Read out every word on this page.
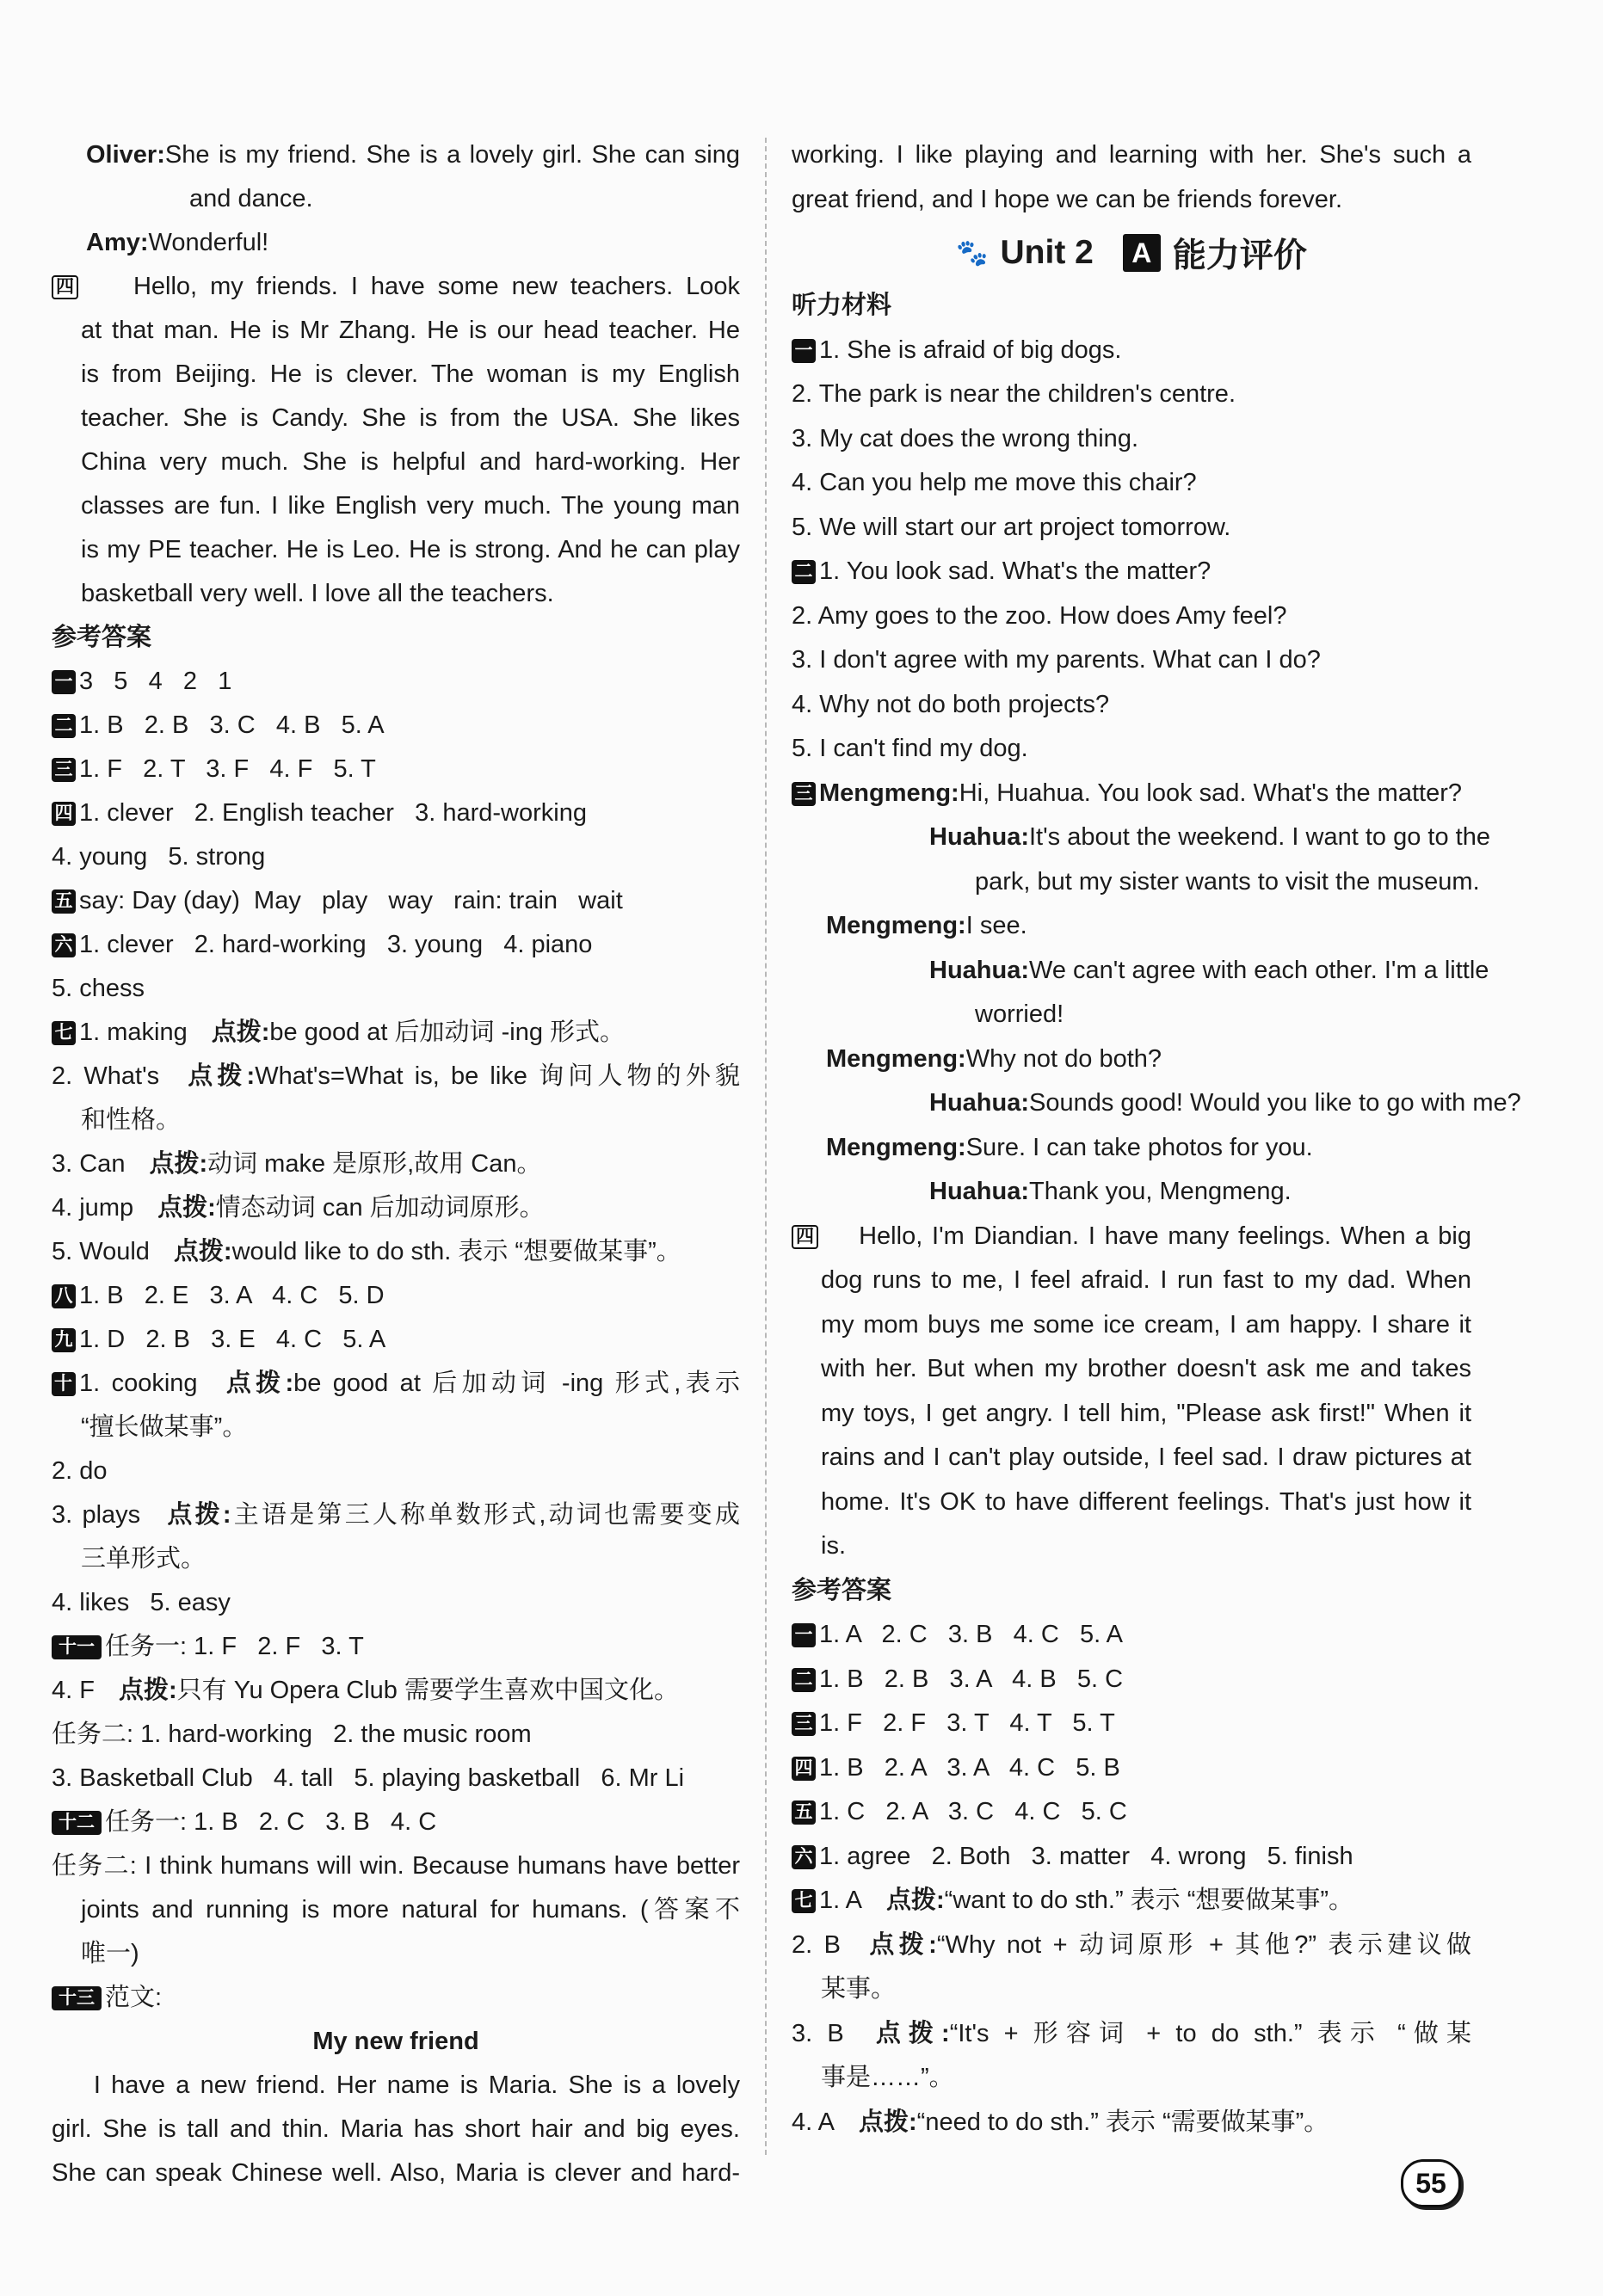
Oliver:She is my friend. She is a lovely girl. She can sing
and dance.
Amy:Wonderful!
四    Hello, my friends. I have some new teachers. Look
at that man. He is Mr Zhang. He is our head teacher. He
is from Beijing. He is clever. The woman is my English
teacher. She is Candy. She is from the USA. She likes
China very much. She is helpful and hard-working. Her
classes are fun. I like English very much. The young man
is my PE teacher. He is Leo. He is strong. And he can play
basketball very well. I love all the teachers.
参考答案
一 3   5   4   2   1
二 1. B   2. B   3. C   4. B   5. A
三 1. F   2. T   3. F   4. F   5. T
四 1. clever   2. English teacher   3. hard-working
4. young   5. strong
五 say: Day (day)  May   play   way   rain: train   wait
六 1. clever   2. hard-working   3. young   4. piano
5. chess
七 1. making 点拨:be good at 后加动词 -ing 形式。
2. What's 点拨:What's=What is, be like 询问人物的外貌
和性格。
3. Can 点拨:动词 make 是原形,故用 Can。
4. jump 点拨:情态动词 can 后加动词原形。
5. Would 点拨:would like to do sth. 表示 “想要做某事”。
八 1. B   2. E   3. A   4. C   5. D
九 1. D   2. B   3. E   4. C   5. A
十 1. cooking 点拨:be good at 后加动词 -ing 形式,表示
“擅长做某事”。
2. do
3. plays 点拨:主语是第三人称单数形式,动词也需要变成
三单形式。
4. likes   5. easy
十一 任务一: 1. F   2. F   3. T
4. F 点拨:只有 Yu Opera Club 需要学生喜欢中国文化。
任务二: 1. hard-working   2. the music room
3. Basketball Club   4. tall   5. playing basketball   6. Mr Li
十二 任务一: 1. B   2. C   3. B   4. C
任务二: I think humans will win. Because humans have better
joints and running is more natural for humans. (答案不
唯一)
十三 范文:
My new friend
I have a new friend. Her name is Maria. She is a lovely
girl. She is tall and thin. Maria has short hair and big eyes.
She can speak Chinese well. Also, Maria is clever and hard-
working. I like playing and learning with her. She's such a
great friend, and I hope we can be friends forever.
🐾 Unit 2	A 能力评价
听力材料
一 1. She is afraid of big dogs.
2. The park is near the children's centre.
3. My cat does the wrong thing.
4. Can you help me move this chair?
5. We will start our art project tomorrow.
二 1. You look sad. What's the matter?
2. Amy goes to the zoo. How does Amy feel?
3. I don't agree with my parents. What can I do?
4. Why not do both projects?
5. I can't find my dog.
三 Mengmeng:Hi, Huahua. You look sad. What's the matter?
Huahua:It's about the weekend. I want to go to the
park, but my sister wants to visit the museum.
Mengmeng:I see.
Huahua:We can't agree with each other. I'm a little
worried!
Mengmeng:Why not do both?
Huahua:Sounds good! Would you like to go with me?
Mengmeng:Sure. I can take photos for you.
Huahua:Thank you, Mengmeng.
四    Hello, I'm Diandian. I have many feelings. When a big
dog runs to me, I feel afraid. I run fast to my dad. When
my mom buys me some ice cream, I am happy. I share it
with her. But when my brother doesn't ask me and takes
my toys, I get angry. I tell him, "Please ask first!" When it
rains and I can't play outside, I feel sad. I draw pictures at
home. It's OK to have different feelings. That's just how it
is.
参考答案
一 1. A   2. C   3. B   4. C   5. A
二 1. B   2. B   3. A   4. B   5. C
三 1. F   2. F   3. T   4. T   5. T
四 1. B   2. A   3. A   4. C   5. B
五 1. C   2. A   3. C   4. C   5. C
六 1. agree   2. Both   3. matter   4. wrong   5. finish
七 1. A 点拨:“want to do sth.” 表示 “想要做某事”。
2. B 点拨:“Why not + 动词原形 + 其他?” 表示建议做
某事。
3. B 点拨:“It's + 形容词 + to do sth.” 表示 “做某
事是……”。
4. A 点拨:“need to do sth.” 表示 “需要做某事”。
55
